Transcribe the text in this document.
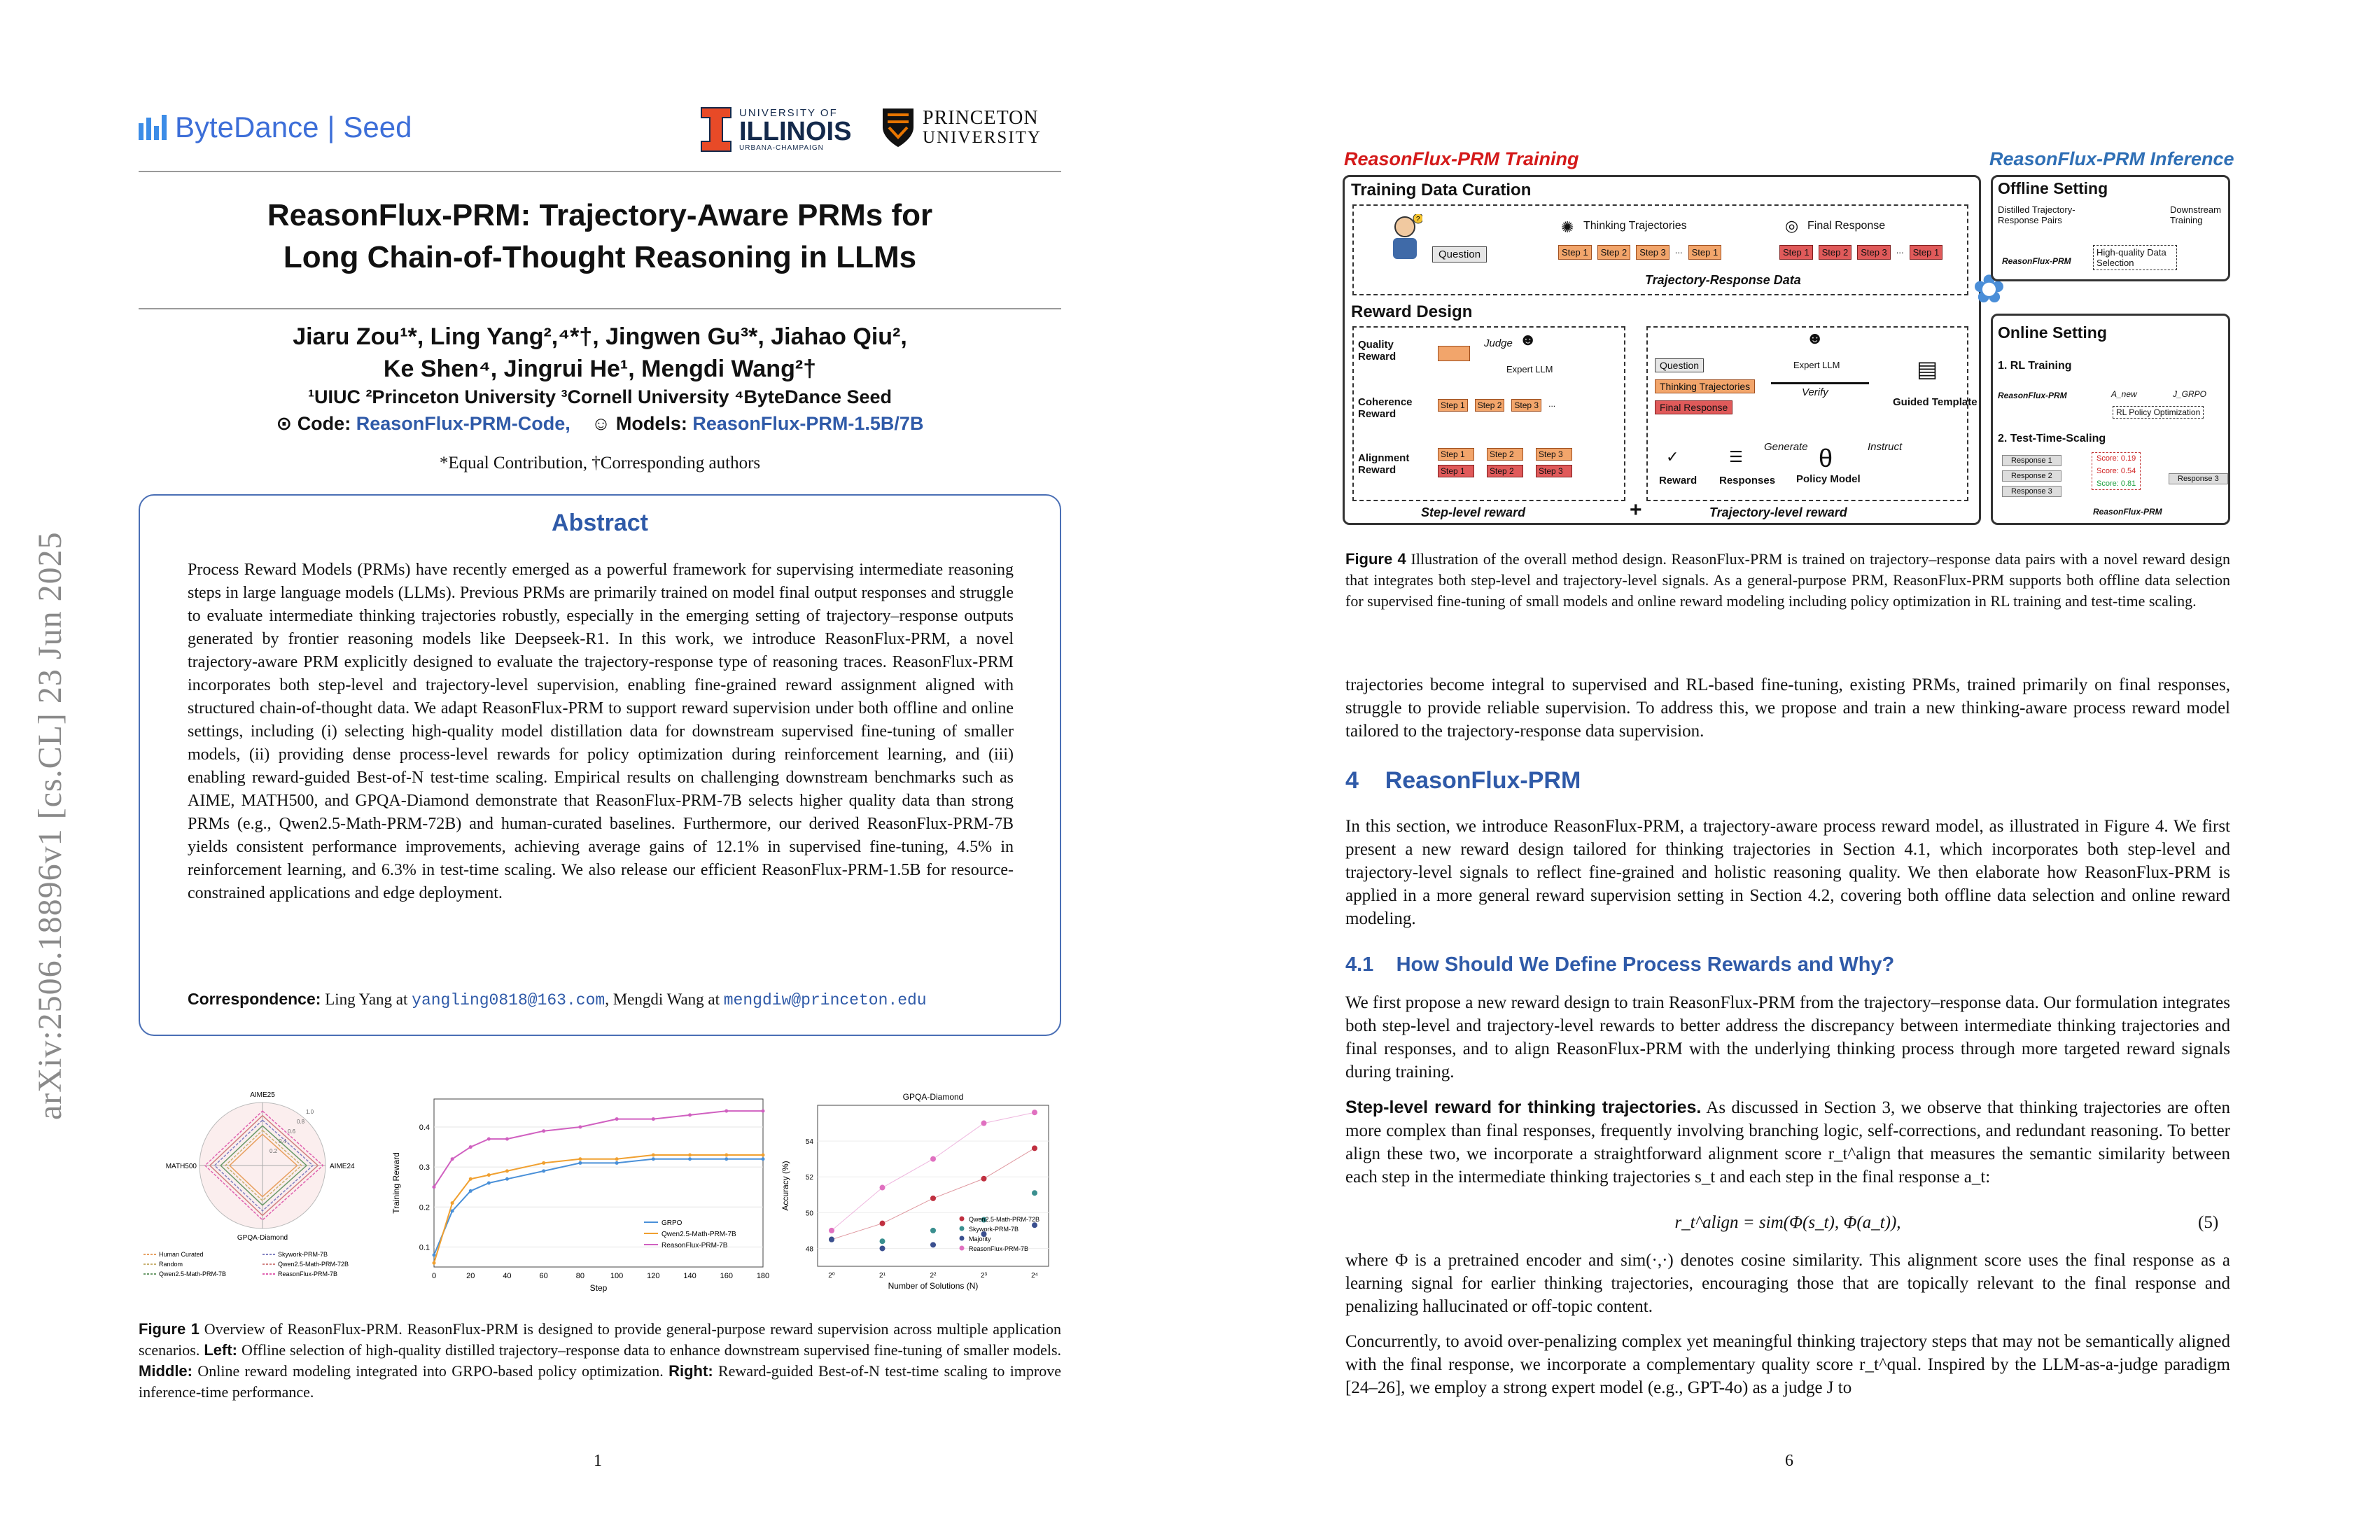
arXiv:2506.18896v1 [cs.CL] 23 Jun 2025
ByteDance | Seed	UNIVERSITY OF
ILLINOIS
URBANA-CHAMPAIGN
PRINCETON
UNIVERSITY
ReasonFlux-PRM: Trajectory-Aware PRMs for
Long Chain-of-Thought Reasoning in LLMs
Jiaru Zou¹*, Ling Yang²,⁴*†, Jingwen Gu³*, Jiahao Qiu²,
Ke Shen⁴, Jingrui He¹, Mengdi Wang²†
¹UIUC ²Princeton University ³Cornell University ⁴ByteDance Seed
⊙ Code: ReasonFlux-PRM-Code, ☺ Models: ReasonFlux-PRM-1.5B/7B
*Equal Contribution, †Corresponding authors
Abstract
Process Reward Models (PRMs) have recently emerged as a powerful framework for supervising intermediate reasoning steps in large language models (LLMs). Previous PRMs are primarily trained on model final output responses and struggle to evaluate intermediate thinking trajectories robustly, especially in the emerging setting of trajectory–response outputs generated by frontier reasoning models like Deepseek-R1. In this work, we introduce ReasonFlux-PRM, a novel trajectory-aware PRM explicitly designed to evaluate the trajectory-response type of reasoning traces. ReasonFlux-PRM incorporates both step-level and trajectory-level supervision, enabling fine-grained reward assignment aligned with structured chain-of-thought data. We adapt ReasonFlux-PRM to support reward supervision under both offline and online settings, including (i) selecting high-quality model distillation data for downstream supervised fine-tuning of smaller models, (ii) providing dense process-level rewards for policy optimization during reinforcement learning, and (iii) enabling reward-guided Best-of-N test-time scaling. Empirical results on challenging downstream benchmarks such as AIME, MATH500, and GPQA-Diamond demonstrate that ReasonFlux-PRM-7B selects higher quality data than strong PRMs (e.g., Qwen2.5-Math-PRM-72B) and human-curated baselines. Furthermore, our derived ReasonFlux-PRM-7B yields consistent performance improvements, achieving average gains of 12.1% in supervised fine-tuning, 4.5% in reinforcement learning, and 6.3% in test-time scaling. We also release our efficient ReasonFlux-PRM-1.5B for resource-constrained applications and edge deployment.
Correspondence: Ling Yang at yangling0818@163.com, Mengdi Wang at mengdiw@princeton.edu
AIME25
AIME24
GPQA-Diamond
MATH500
0.2
0.4
0.6
0.8
1.0
Human Curated
Random
Qwen2.5-Math-PRM-7B
Skywork-PRM-7B
Qwen2.5-Math-PRM-72B
ReasonFlux-PRM-7B
0.1
0.2
0.3
0.4
0	20	40	60	80	100	120	140	160	180
Step
Training Reward
GRPO
Qwen2.5-Math-PRM-7B
ReasonFlux-PRM-7B
GPQA-Diamond
48
50
52
54
2⁰	2¹	2²	2³	2⁴
Number of Solutions (N)
Accuracy (%)
Qwen2.5-Math-PRM-72B
Skywork-PRM-7B
Majority
ReasonFlux-PRM-7B
Figure 1 Overview of ReasonFlux-PRM. ReasonFlux-PRM is designed to provide general-purpose reward supervision across multiple application scenarios. Left: Offline selection of high-quality distilled trajectory–response data to enhance downstream supervised fine-tuning of smaller models. Middle: Online reward modeling integrated into GRPO-based policy optimization. Right: Reward-guided Best-of-N test-time scaling to improve inference-time performance.
1
ReasonFlux-PRM Training	ReasonFlux-PRM Inference
Training Data Curation
?
Question
✺ Thinking Trajectories	◎ Final Response
Step 1	Step 2	Step 3	...	Step 1	Step 1	Step 2	Step 3	...	Step 1
Trajectory-Response Data
Reward Design
Quality Reward
Judge ☻
Expert LLM
Coherence Reward
Step 1	Step 2	Step 3	...
Alignment Reward
Step 1	Step 2	Step 3
Step 1	Step 2	Step 3
Step-level reward	+
Question
Thinking Trajectories
Final Response
☻
Expert LLM
Verify
▤
Guided Template
Instruct
θ
Policy Model
Generate
☰
Responses
✓
Reward
Trajectory-level reward
✿
Offline Setting
Distilled Trajectory-Response Pairs
Downstream Training
ReasonFlux-PRM
High-quality Data Selection
Online Setting
1. RL Training
ReasonFlux-PRM	A_new	J_GRPO
RL Policy Optimization
2. Test-Time-Scaling
Response 1
Response 2
Response 3
Score: 0.19
Score: 0.54
Score: 0.81
Response 3
ReasonFlux-PRM
Figure 4 Illustration of the overall method design. ReasonFlux-PRM is trained on trajectory–response data pairs with a novel reward design that integrates both step-level and trajectory-level signals. As a general-purpose PRM, ReasonFlux-PRM supports both offline data selection for supervised fine-tuning of small models and online reward modeling including policy optimization in RL training and test-time scaling.
trajectories become integral to supervised and RL-based fine-tuning, existing PRMs, trained primarily on final responses, struggle to provide reliable supervision. To address this, we propose and train a new thinking-aware process reward model tailored to the trajectory-response data supervision.
4 ReasonFlux-PRM
In this section, we introduce ReasonFlux-PRM, a trajectory-aware process reward model, as illustrated in Figure 4. We first present a new reward design tailored for thinking trajectories in Section 4.1, which incorporates both step-level and trajectory-level signals to reflect fine-grained and holistic reasoning quality. We then elaborate how ReasonFlux-PRM is applied in a more general reward supervision setting in Section 4.2, covering both offline data selection and online reward modeling.
4.1 How Should We Define Process Rewards and Why?
We first propose a new reward design to train ReasonFlux-PRM from the trajectory–response data. Our formulation integrates both step-level and trajectory-level rewards to better address the discrepancy between intermediate thinking trajectories and final responses, and to align ReasonFlux-PRM with the underlying thinking process through more targeted reward signals during training.
Step-level reward for thinking trajectories. As discussed in Section 3, we observe that thinking trajectories are often more complex than final responses, frequently involving branching logic, self-corrections, and redundant reasoning. To better align these two, we incorporate a straightforward alignment score r_t^align that measures the semantic similarity between each step in the intermediate thinking trajectories s_t and each step in the final response a_t:
r_t^align = sim(Φ(s_t), Φ(a_t)),	(5)
where Φ is a pretrained encoder and sim(·,·) denotes cosine similarity. This alignment score uses the final response as a learning signal for earlier thinking trajectories, encouraging those that are topically relevant to the final response and penalizing hallucinated or off-topic content.
Concurrently, to avoid over-penalizing complex yet meaningful thinking trajectory steps that may not be semantically aligned with the final response, we incorporate a complementary quality score r_t^qual. Inspired by the LLM-as-a-judge paradigm [24–26], we employ a strong expert model (e.g., GPT-4o) as a judge J to
6
